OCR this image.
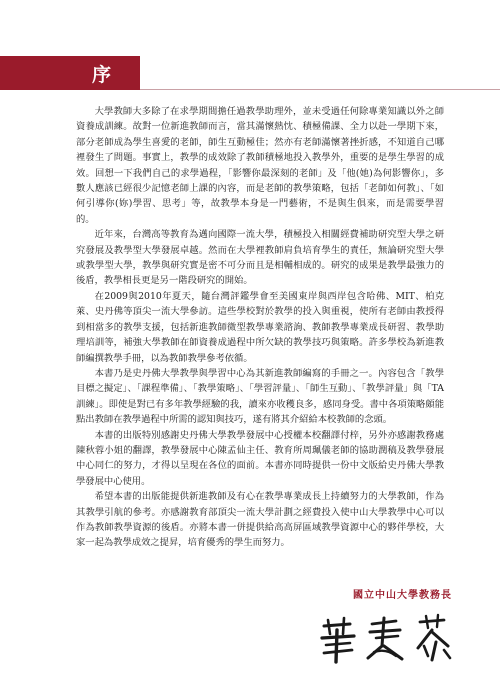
序

大學教師大多除了在求學期間擔任過教學助理外，並未受過任何除專業知識以外之師資養成訓練。故對一位新進教師而言，當其滿懷熱忱、積極備課、全力以赴一學期下來，部分老師成為學生喜愛的老師，師生互動極佳；然亦有老師滿懷著挫折感，不知道自己哪裡發生了問題。事實上，教學的成效除了教師積極地投入教學外，重要的是學生學習的成效。回想一下我們自己的求學過程，「影響你最深刻的老師」及「他(她)為何影響你」，多數人應該已經很少記憶老師上課的內容，而是老師的教學策略，包括「老師如何教」、「如何引導你(妳)學習、思考」等，故教學本身是一門藝術，不是與生俱來，而是需要學習的。

近年來，台灣高等教育為邁向國際一流大學，積極投入相關經費補助研究型大學之研究發展及教學型大學發展卓越。然而在大學裡教師肩負培育學生的責任，無論研究型大學或教學型大學，教學與研究實是密不可分而且是相輔相成的。研究的成果是教學最強力的後盾，教學相長更是另一階段研究的開始。

在2009與2010年夏天，隨台灣評鑑學會至美國東岸與西岸包含哈佛、MIT、柏克萊、史丹佛等頂尖一流大學參訪。這些學校對於教學的投入與重視，使所有老師由教授得到相當多的教學支援，包括新進教師微型教學專業諮詢、教師教學專業成長研習、教學助理培訓等，補強大學教師在師資養成過程中所欠缺的教學技巧與策略。許多學校為新進教師編撰教學手冊，以為教師教學參考依循。

本書乃是史丹佛大學教學與學習中心為其新進教師編寫的手冊之一。內容包含「教學目標之擬定」、「課程準備」、「教學策略」、「學習評量」、「師生互動」、「教學評量」與「TA訓練」。即使是對已有多年教學經驗的我，讀來亦收穫良多，感同身受。書中各項策略頗能點出教師在教學過程中所需的認知與技巧，遂有將其介紹給本校教師的念頭。

本書的出版特別感謝史丹佛大學教學發展中心授權本校翻譯付梓，另外亦感謝教務處陳秋蓉小姐的翻譯，教學發展中心陳孟仙主任、教育所周珮儀老師的協助潤稿及教學發展中心同仁的努力，才得以呈現在各位的面前。本書亦同時提供一份中文版給史丹佛大學教學發展中心使用。

希望本書的出版能提供新進教師及有心在教學專業成長上持續努力的大學教師，作為其教學引航的參考。亦感謝教育部頂尖一流大學計劃之經費投入使中山大學教學中心可以作為教師教學資源的後盾。亦將本書一併提供給高高屏區域教學資源中心的夥伴學校，大家一起為教學成效之提昇，培育優秀的學生而努力。

國立中山大學教務長
